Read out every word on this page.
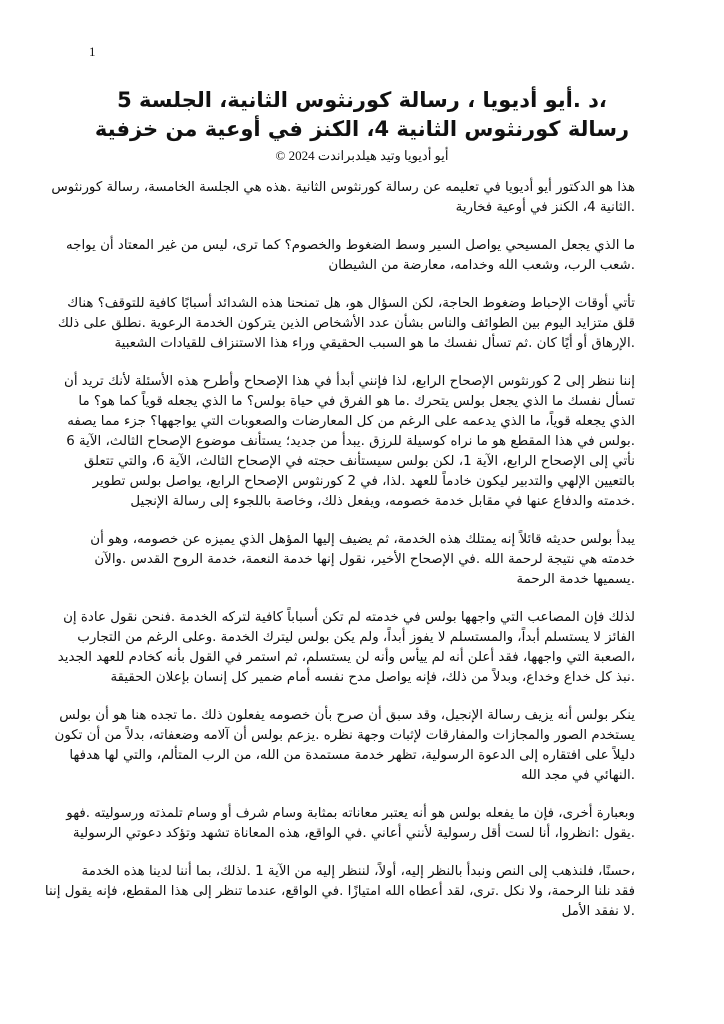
1
،د .أيو أديويا ، رسالة كورنثوس الثانية، الجلسة 5
رسالة كورنثوس الثانية 4، الكنز في أوعية من خزفية
أيو أديويا وتيد هيلدبراندت 2024 ©
هذا هو الدكتور أيو أديويا في تعليمه عن رسالة كورنثوس الثانية .هذه هي الجلسة الخامسة، رسالة كورنثوس
.الثانية 4، الكنز في أوعية فخارية
ما الذي يجعل المسيحي يواصل السير وسط الضغوط والخصوم؟ كما ترى، ليس من غير المعتاد أن يواجه
.شعب الرب، وشعب الله وخدامه، معارضة من الشيطان
تأتي أوقات الإحباط وضغوط الحاجة، لكن السؤال هو، هل تمنحنا هذه الشدائد أسبابًا كافية للتوقف؟ هناك
قلق متزايد اليوم بين الطوائف والناس بشأن عدد الأشخاص الذين يتركون الخدمة الرعوية .نطلق على ذلك
.الإرهاق أو أيًا كان .ثم تسأل نفسك ما هو السبب الحقيقي وراء هذا الاستنزاف للقيادات الشعبية
إننا ننظر إلى 2 كورنثوس الإصحاح الرابع، لذا فإنني أبدأ في هذا الإصحاح وأطرح هذه الأسئلة لأنك تريد أن
تسأل نفسك ما الذي يجعل بولس يتحرك .ما هو الفرق في حياة بولس؟ ما الذي يجعله قوياً كما هو؟ ما
الذي يجعله قوياً، ما الذي يدعمه على الرغم من كل المعارضات والصعوبات التي يواجهها؟ جزء مما يصفه
.بولس في هذا المقطع هو ما نراه كوسيلة للرزق .يبدأ من جديد؛ يستأنف موضوع الإصحاح الثالث، الآية 6
نأتي إلى الإصحاح الرابع، الآية 1، لكن بولس سيستأنف حجته في الإصحاح الثالث، الآية 6، والتي تتعلق
بالتعيين الإلهي والتدبير ليكون خادماً للعهد .لذا، في 2 كورنثوس الإصحاح الرابع، يواصل بولس تطوير
.خدمته والدفاع عنها في مقابل خدمة خصومه، ويفعل ذلك، وخاصة باللجوء إلى رسالة الإنجيل
يبدأ بولس حديثه قائلاً إنه يمتلك هذه الخدمة، ثم يضيف إليها المؤهل الذي يميزه عن خصومه، وهو أن
خدمته هي نتيجة لرحمة الله .في الإصحاح الأخير، نقول إنها خدمة النعمة، خدمة الروح القدس .والآن
.يسميها خدمة الرحمة
لذلك فإن المصاعب التي واجهها بولس في خدمته لم تكن أسباباً كافية لتركه الخدمة .فنحن نقول عادة إن
الفائز لا يستسلم أبداً، والمستسلم لا يفوز أبداً، ولم يكن بولس ليترك الخدمة .وعلى الرغم من التجارب
،الصعبة التي واجهها، فقد أعلن أنه لم ييأس وأنه لن يستسلم، ثم استمر في القول بأنه كخادم للعهد الجديد
.نبذ كل خداع وخداع، وبدلاً من ذلك، فإنه يواصل مدح نفسه أمام ضمير كل إنسان بإعلان الحقيقة
ينكر بولس أنه يزيف رسالة الإنجيل، وقد سبق أن صرح بأن خصومه يفعلون ذلك .ما تجده هنا هو أن بولس
يستخدم الصور والمجازات والمفارقات لإثبات وجهة نظره .يزعم بولس أن آلامه وضعفاته، بدلاً من أن تكون
دليلاً على افتقاره إلى الدعوة الرسولية، تظهر خدمة مستمدة من الله، من الرب المتألم، والتي لها هدفها
.النهائي في مجد الله
وبعبارة أخرى، فإن ما يفعله بولس هو أنه يعتبر معاناته بمثابة وسام شرف أو وسام تلمذته ورسوليته .فهو
.يقول :انظروا، أنا لست أقل رسولية لأنني أعاني .في الواقع، هذه المعاناة تشهد وتؤكد دعوتي الرسولية
،حسنًا، فلنذهب إلى النص ونبدأ بالنظر إليه، أولاً، لننظر إليه من الآية 1 .لذلك، بما أننا لدينا هذه الخدمة
فقد نلنا الرحمة، ولا نكل .ترى، لقد أعطاه الله امتيازًا .في الواقع، عندما تنظر إلى هذا المقطع، فإنه يقول إننا
.لا نفقد الأمل
